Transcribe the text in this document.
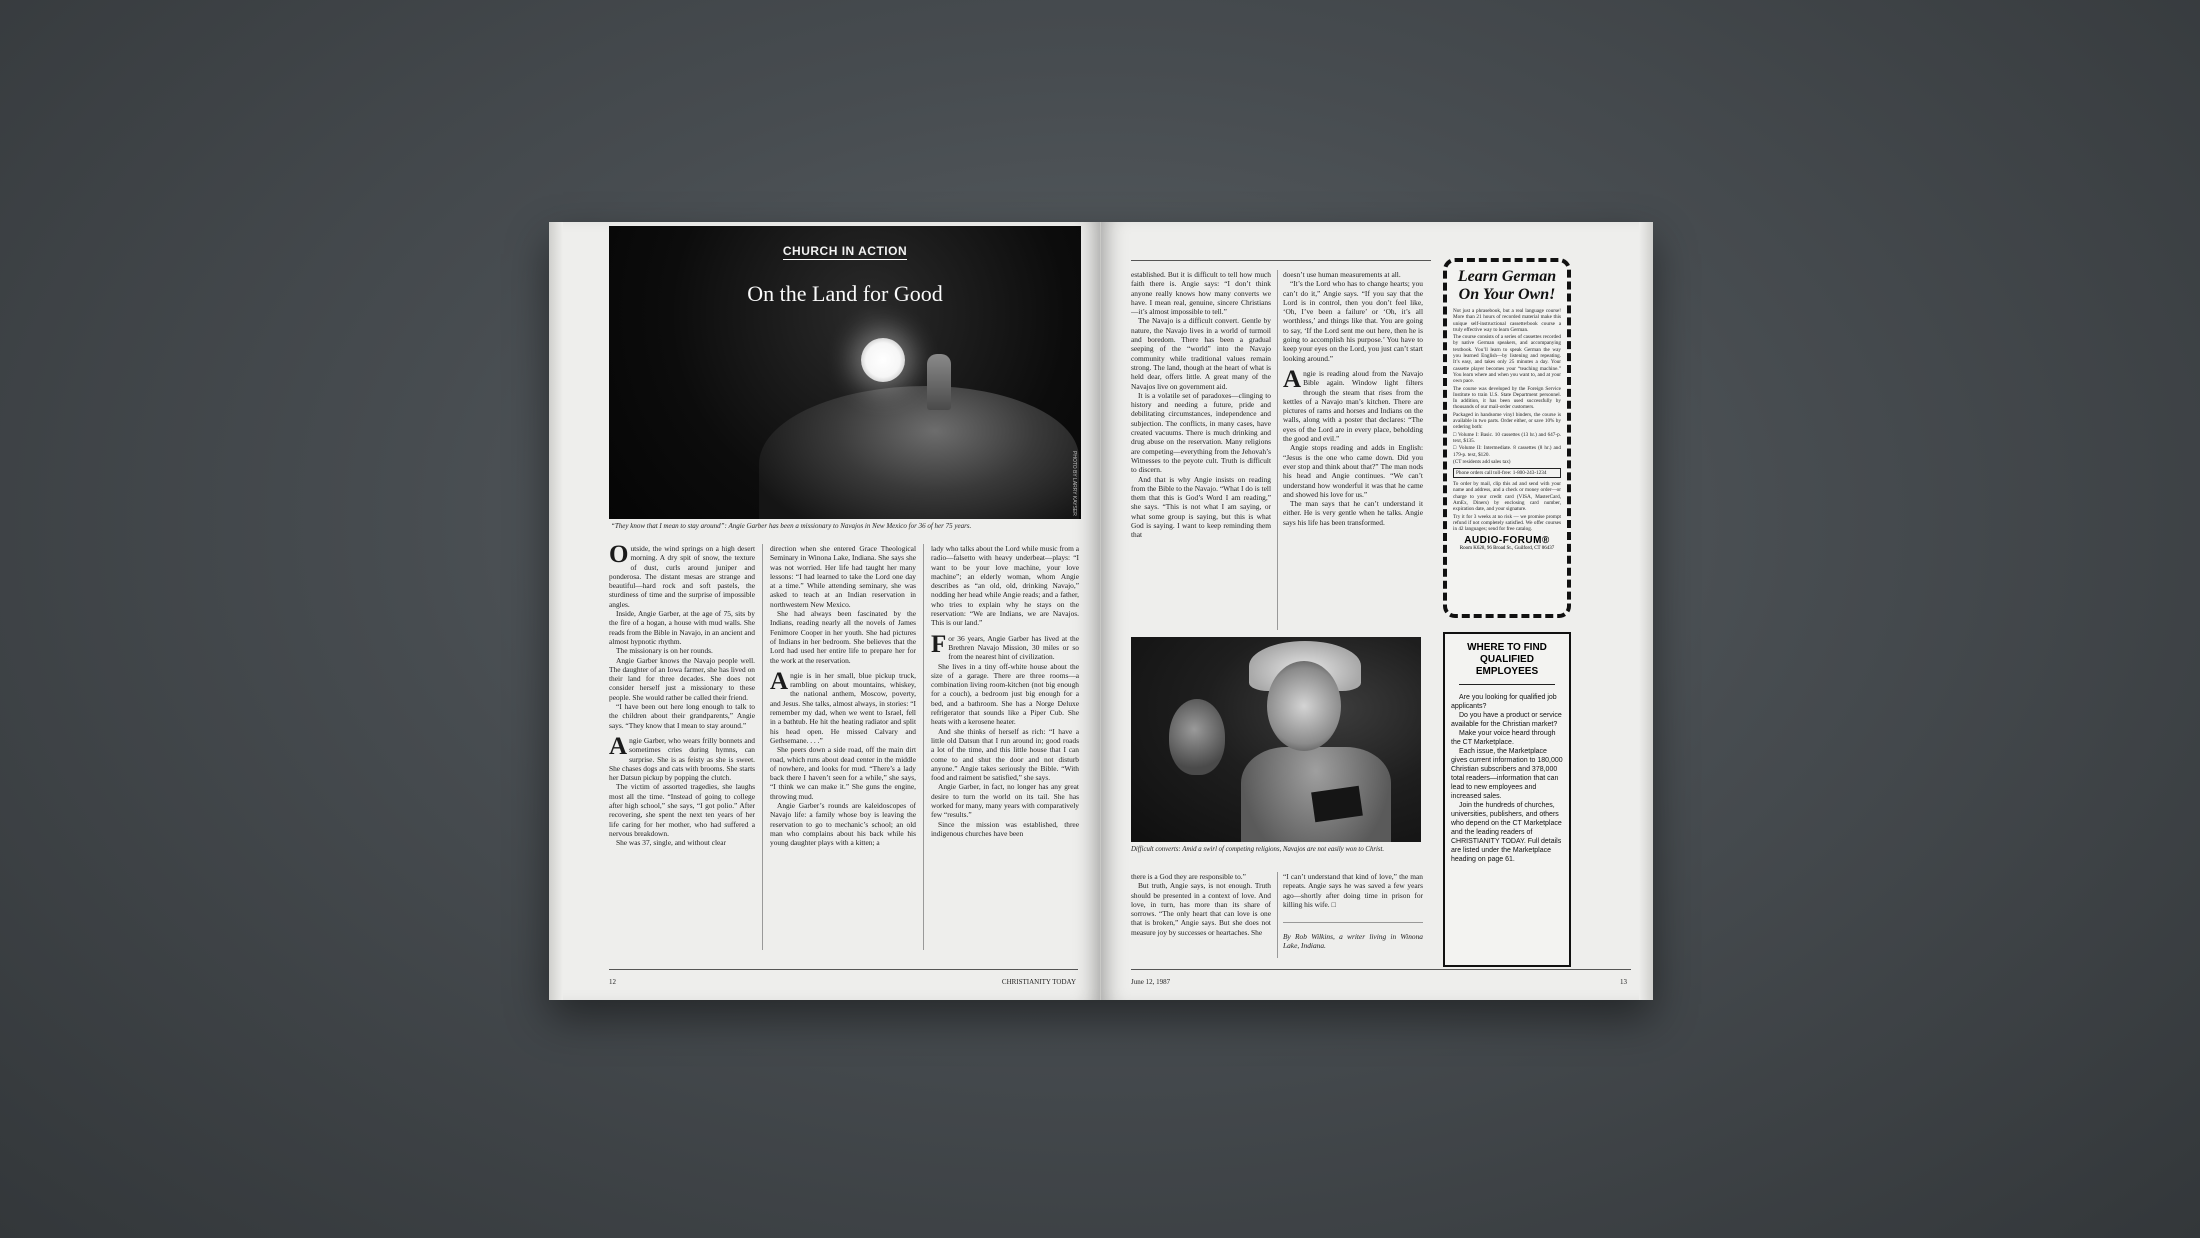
CHURCH IN ACTION
On the Land for Good
PHOTO BY LARRY KAYSER
“They know that I mean to stay around”: Angie Garber has been a missionary to Navajos in New Mexico for 36 of her 75 years.

Outside, the wind springs on a high desert morning. A dry spit of snow, the texture of dust, curls around juniper and ponderosa. The distant mesas are strange and beautiful—hard rock and soft pastels, the sturdiness of time and the surprise of impossible angles.

Inside, Angie Garber, at the age of 75, sits by the fire of a hogan, a house with mud walls. She reads from the Bible in Navajo, in an ancient and almost hypnotic rhythm.

The missionary is on her rounds.

Angie Garber knows the Navajo people well. The daughter of an Iowa farmer, she has lived on their land for three decades. She does not consider herself just a missionary to these people. She would rather be called their friend.

“I have been out here long enough to talk to the children about their grandparents,” Angie says. “They know that I mean to stay around.”

Angie Garber, who wears frilly bonnets and sometimes cries during hymns, can surprise. She is as feisty as she is sweet. She chases dogs and cats with brooms. She starts her Datsun pickup by popping the clutch.

The victim of assorted tragedies, she laughs most all the time. “Instead of going to college after high school,” she says, “I got polio.” After recovering, she spent the next ten years of her life caring for her mother, who had suffered a nervous breakdown.

She was 37, single, and without clear

direction when she entered Grace Theological Seminary in Winona Lake, Indiana. She says she was not worried. Her life had taught her many lessons: “I had learned to take the Lord one day at a time.” While attending seminary, she was asked to teach at an Indian reservation in northwestern New Mexico.

She had always been fascinated by the Indians, reading nearly all the novels of James Fenimore Cooper in her youth. She had pictures of Indians in her bedroom. She believes that the Lord had used her entire life to prepare her for the work at the reservation.

Angie is in her small, blue pickup truck, rambling on about mountains, whiskey, the national anthem, Moscow, poverty, and Jesus. She talks, almost always, in stories: “I remember my dad, when we went to Israel, fell in a bathtub. He hit the heating radiator and split his head open. He missed Calvary and Gethsemane. . . .”

She peers down a side road, off the main dirt road, which runs about dead center in the middle of nowhere, and looks for mud. “There’s a lady back there I haven’t seen for a while,” she says, “I think we can make it.” She guns the engine, throwing mud.

Angie Garber’s rounds are kaleidoscopes of Navajo life: a family whose boy is leaving the reservation to go to mechanic’s school; an old man who complains about his back while his young daughter plays with a kitten; a

lady who talks about the Lord while music from a radio—falsetto with heavy underbeat—plays: “I want to be your love machine, your love machine”; an elderly woman, whom Angie describes as “an old, old, drinking Navajo,” nodding her head while Angie reads; and a father, who tries to explain why he stays on the reservation: “We are Indians, we are Navajos. This is our land.”

For 36 years, Angie Garber has lived at the Brethren Navajo Mission, 30 miles or so from the nearest hint of civilization.

She lives in a tiny off-white house about the size of a garage. There are three rooms—a combination living room-kitchen (not big enough for a couch), a bedroom just big enough for a bed, and a bathroom. She has a Norge Deluxe refrigerator that sounds like a Piper Cub. She heats with a kerosene heater.

And she thinks of herself as rich: “I have a little old Datsun that I run around in; good roads a lot of the time, and this little house that I can come to and shut the door and not disturb anyone.” Angie takes seriously the Bible. “With food and raiment be satisfied,” she says.

Angie Garber, in fact, no longer has any great desire to turn the world on its tail. She has worked for many, many years with comparatively few “results.”

Since the mission was established, three indigenous churches have been

12	CHRISTIANITY TODAY

established. But it is difficult to tell how much faith there is. Angie says: “I don’t think anyone really knows how many converts we have. I mean real, genuine, sincere Christians—it’s almost impossible to tell.”

The Navajo is a difficult convert. Gentle by nature, the Navajo lives in a world of turmoil and boredom. There has been a gradual seeping of the “world” into the Navajo community while traditional values remain strong. The land, though at the heart of what is held dear, offers little. A great many of the Navajos live on government aid.

It is a volatile set of paradoxes—clinging to history and needing a future, pride and debilitating circumstances, independence and subjection. The conflicts, in many cases, have created vacuums. There is much drinking and drug abuse on the reservation. Many religions are competing—everything from the Jehovah’s Witnesses to the peyote cult. Truth is difficult to discern.

And that is why Angie insists on reading from the Bible to the Navajo. “What I do is tell them that this is God’s Word I am reading,” she says. “This is not what I am saying, or what some group is saying, but this is what God is saying. I want to keep reminding them that

doesn’t use human measurements at all.

“It’s the Lord who has to change hearts; you can’t do it,” Angie says. “If you say that the Lord is in control, then you don’t feel like, ‘Oh, I’ve been a failure’ or ‘Oh, it’s all worthless,’ and things like that. You are going to say, ‘If the Lord sent me out here, then he is going to accomplish his purpose.’ You have to keep your eyes on the Lord, you just can’t start looking around.”

Angie is reading aloud from the Navajo Bible again. Window light filters through the steam that rises from the kettles of a Navajo man’s kitchen. There are pictures of rams and horses and Indians on the walls, along with a poster that declares: “The eyes of the Lord are in every place, beholding the good and evil.”

Angie stops reading and adds in English: “Jesus is the one who came down. Did you ever stop and think about that?” The man nods his head and Angie continues. “We can’t understand how wonderful it was that he came and showed his love for us.”

The man says that he can’t understand it either. He is very gentle when he talks. Angie says his life has been transformed.

Difficult converts: Amid a swirl of competing religions, Navajos are not easily won to Christ.

there is a God they are responsible to.”

But truth, Angie says, is not enough. Truth should be presented in a context of love. And love, in turn, has more than its share of sorrows. “The only heart that can love is one that is broken,” Angie says. But she does not measure joy by successes or heartaches. She

“I can’t understand that kind of love,” the man repeats. Angie says he was saved a few years ago—shortly after doing time in prison for killing his wife. □

By Rob Wilkins, a writer living in Winona Lake, Indiana.
Learn German On Your Own!

Not just a phrasebook, but a real language course! More than 21 hours of recorded material make this unique self-instructional cassette/book course a truly effective way to learn German.

The course consists of a series of cassettes recorded by native German speakers, and accompanying textbook. You’ll learn to speak German the way you learned English—by listening and repeating. It’s easy, and takes only 25 minutes a day. Your cassette player becomes your “teaching machine.” You learn where and when you want to, and at your own pace.

The course was developed by the Foreign Service Institute to train U.S. State Department personnel. In addition, it has been used successfully by thousands of our mail-order customers.

Packaged in handsome vinyl binders, the course is available in two parts. Order either, or save 10% by ordering both:

□ Volume I: Basic. 10 cassettes (13 hr.) and 647-p. text, $135.

□ Volume II: Intermediate. 8 cassettes (8 hr.) and 179-p. text, $120.

(CT residents add sales tax)

Phone orders call toll-free: 1-800-243-1234

To order by mail, clip this ad and send with your name and address, and a check or money order—or charge to your credit card (VISA, MasterCard, AmEx, Diners) by enclosing card number, expiration date, and your signature.

Try it for 3 weeks at no risk — we promise prompt refund if not completely satisfied. We offer courses in 42 languages; send for free catalog.

AUDIO-FORUM®
Room K628, 96 Broad St., Guilford, CT 06437
WHERE TO FIND QUALIFIED EMPLOYEES

Are you looking for qualified job applicants?

Do you have a product or service available for the Christian market?

Make your voice heard through the CT Marketplace.

Each issue, the Marketplace gives current information to 180,000 Christian subscribers and 378,000 total readers—information that can lead to new employees and increased sales.

Join the hundreds of churches, universities, publishers, and others who depend on the CT Marketplace and the leading readers of CHRISTIANITY TODAY. Full details are listed under the Marketplace heading on page 61.

June 12, 1987	13
